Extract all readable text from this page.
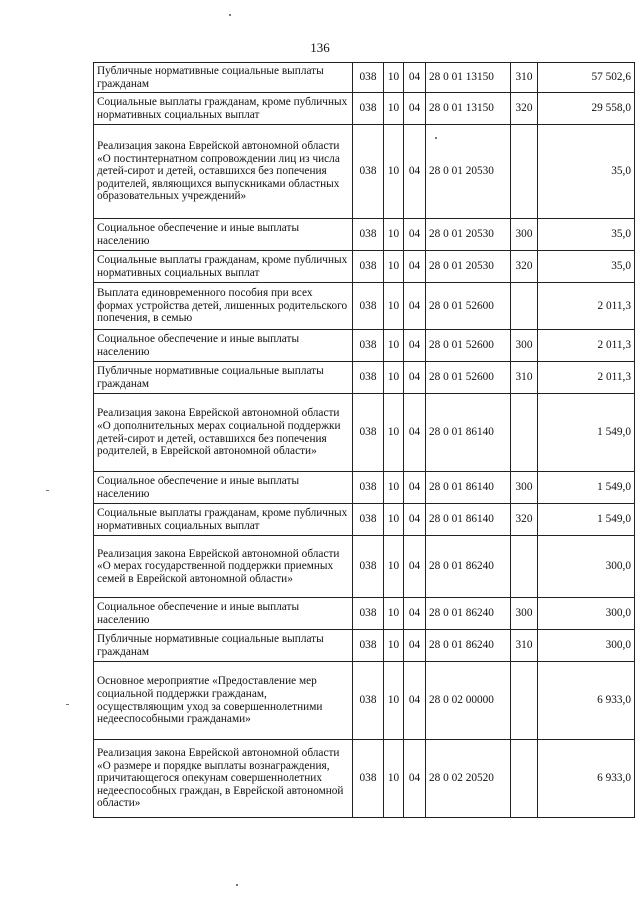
136
Публичные нормативные социальные выплаты гражданам	038	10	04	28 0 01 13150	310	57 502,6
Социальные выплаты гражданам, кроме публичных нормативных социальных выплат	038	10	04	28 0 01 13150	320	29 558,0
Реализация закона Еврейской автономной области «О постинтернатном сопровождении лиц из числа детей-сирот и детей, оставшихся без попечения родителей, являющихся выпускниками областных образовательных учреждений»	038	10	04	28 0 01 20530		35,0
Социальное обеспечение и иные выплаты населению	038	10	04	28 0 01 20530	300	35,0
Социальные выплаты гражданам, кроме публичных нормативных социальных выплат	038	10	04	28 0 01 20530	320	35,0
Выплата единовременного пособия при всех формах устройства детей, лишенных родительского попечения, в семью	038	10	04	28 0 01 52600		2 011,3
Социальное обеспечение и иные выплаты населению	038	10	04	28 0 01 52600	300	2 011,3
Публичные нормативные социальные выплаты гражданам	038	10	04	28 0 01 52600	310	2 011,3
Реализация закона Еврейской автономной области «О дополнительных мерах социальной поддержки детей-сирот и детей, оставшихся без попечения родителей, в Еврейской автономной области»	038	10	04	28 0 01 86140		1 549,0
Социальное обеспечение и иные выплаты населению	038	10	04	28 0 01 86140	300	1 549,0
Социальные выплаты гражданам, кроме публичных нормативных социальных выплат	038	10	04	28 0 01 86140	320	1 549,0
Реализация закона Еврейской автономной области «О мерах государственной поддержки приемных семей в Еврейской автономной области»	038	10	04	28 0 01 86240		300,0
Социальное обеспечение и иные выплаты населению	038	10	04	28 0 01 86240	300	300,0
Публичные нормативные социальные выплаты гражданам	038	10	04	28 0 01 86240	310	300,0
Основное мероприятие «Предоставление мер социальной поддержки гражданам, осуществляющим уход за совершеннолетними недееспособными гражданами»	038	10	04	28 0 02 00000		6 933,0
Реализация закона Еврейской автономной области «О размере и порядке выплаты вознаграждения, причитающегося опекунам совершеннолетних недееспособных граждан, в Еврейской автономной области»	038	10	04	28 0 02 20520		6 933,0
